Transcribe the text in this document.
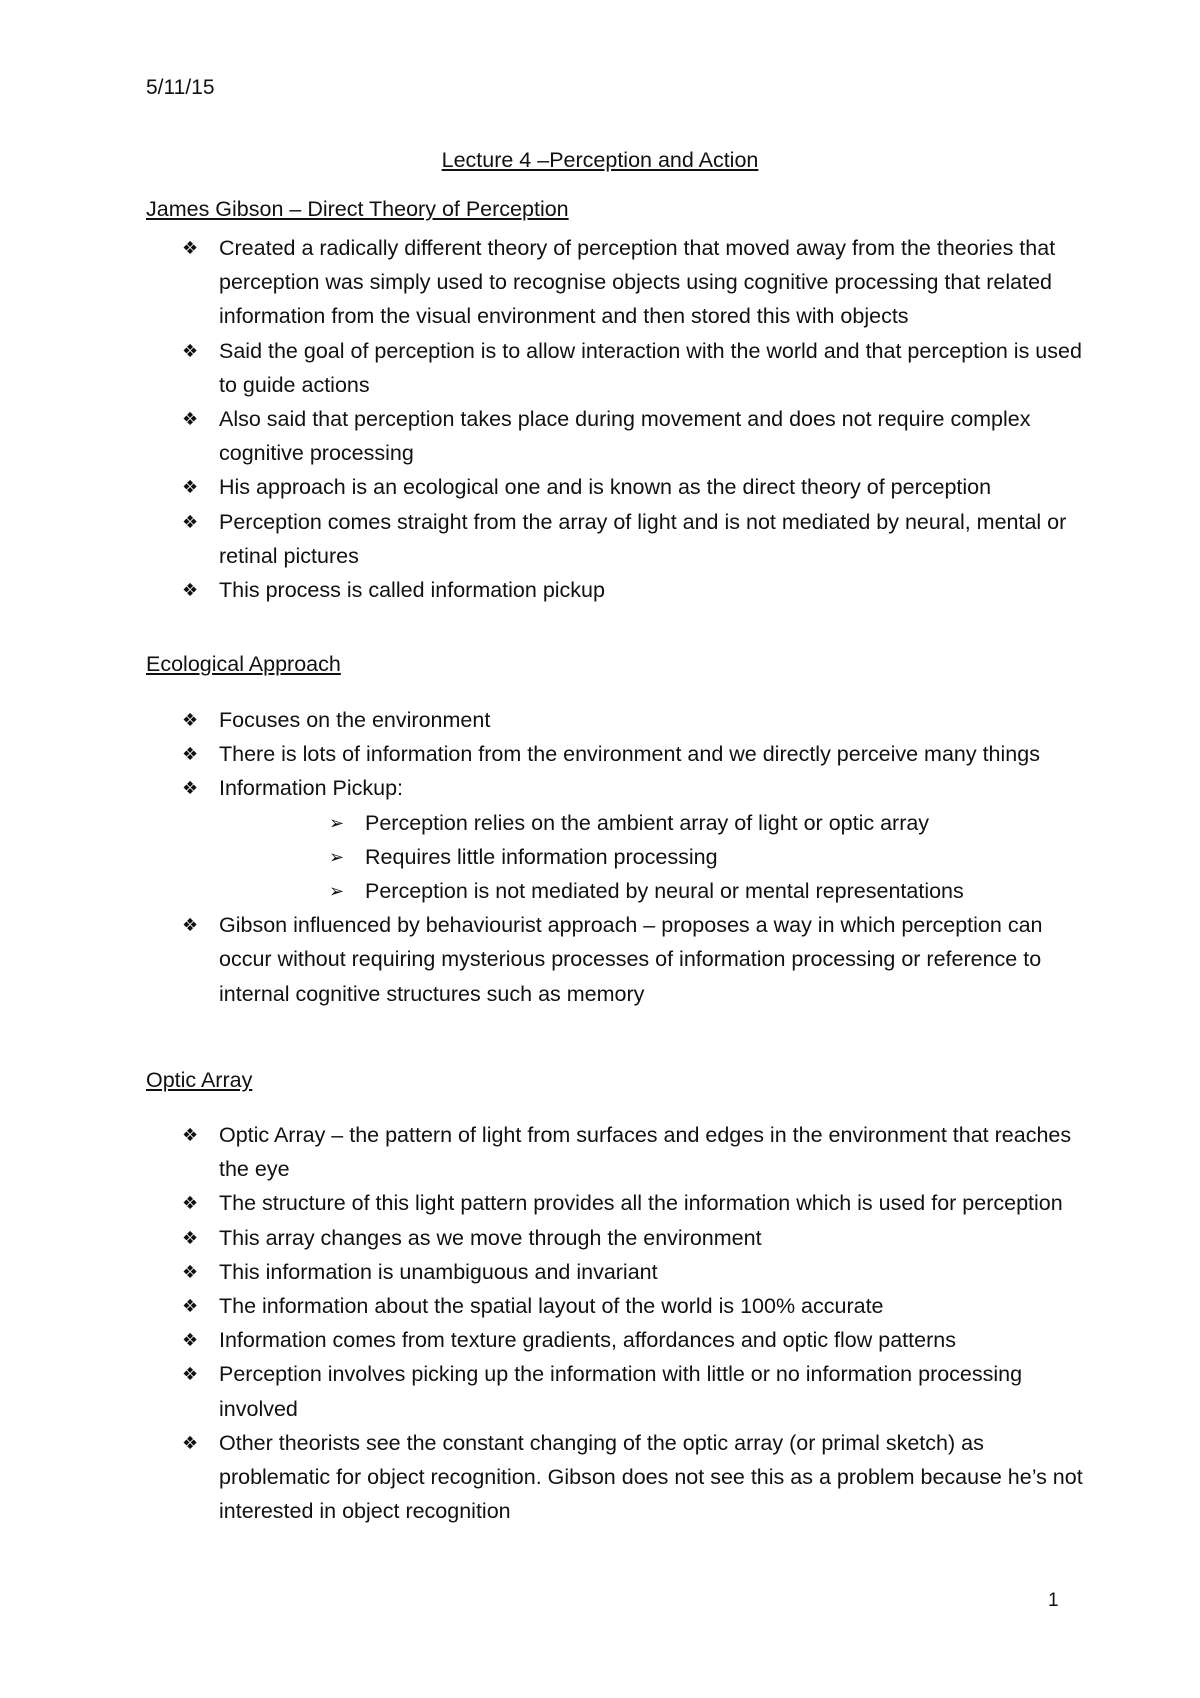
5/11/15
Lecture 4 –Perception and Action
James Gibson – Direct Theory of Perception
❖ Created a radically different theory of perception that moved away from the theories that perception was simply used to recognise objects using cognitive processing that related information from the visual environment and then stored this with objects
❖ Said the goal of perception is to allow interaction with the world and that perception is used to guide actions
❖ Also said that perception takes place during movement and does not require complex cognitive processing
❖ His approach is an ecological one and is known as the direct theory of perception
❖ Perception comes straight from the array of light and is not mediated by neural, mental or retinal pictures
❖ This process is called information pickup
Ecological Approach
❖ Focuses on the environment
❖ There is lots of information from the environment and we directly perceive many things
❖ Information Pickup:
➢ Perception relies on the ambient array of light or optic array
➢ Requires little information processing
➢ Perception is not mediated by neural or mental representations
❖ Gibson influenced by behaviourist approach – proposes a way in which perception can occur without requiring mysterious processes of information processing or reference to internal cognitive structures such as memory
Optic Array
❖ Optic Array – the pattern of light from surfaces and edges in the environment that reaches the eye
❖ The structure of this light pattern provides all the information which is used for perception
❖ This array changes as we move through the environment
❖ This information is unambiguous and invariant
❖ The information about the spatial layout of the world is 100% accurate
❖ Information comes from texture gradients, affordances and optic flow patterns
❖ Perception involves picking up the information with little or no information processing involved
❖ Other theorists see the constant changing of the optic array (or primal sketch) as problematic for object recognition. Gibson does not see this as a problem because he’s not interested in object recognition
1
